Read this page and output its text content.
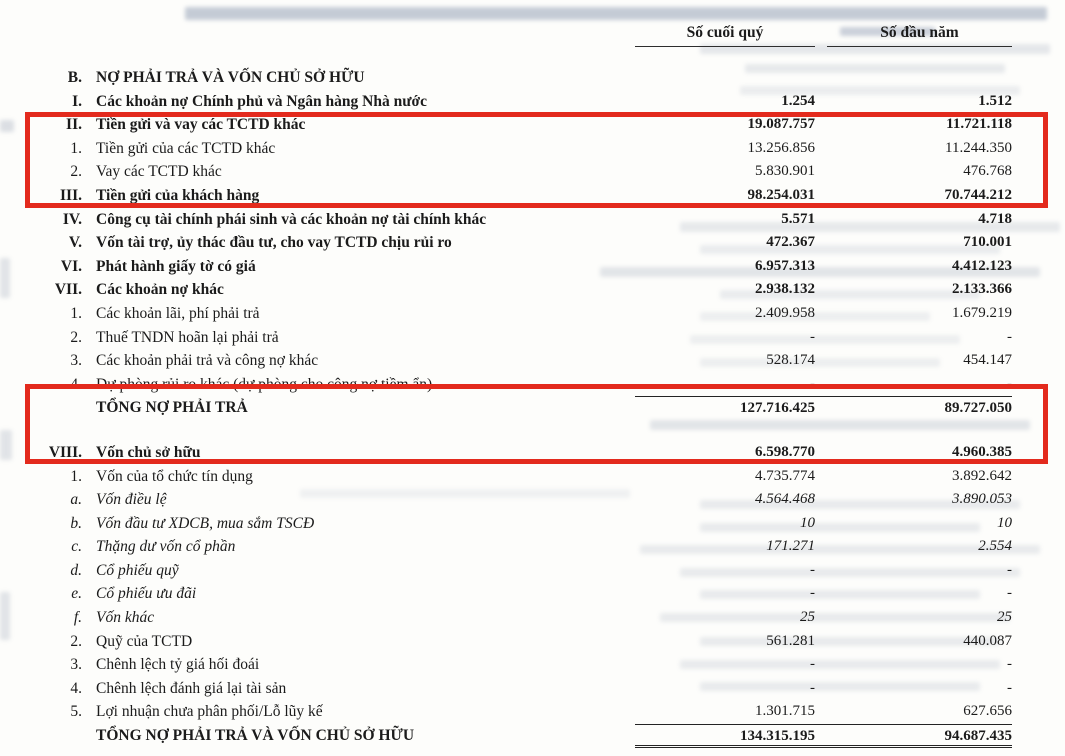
Số cuối quý	Số đầu năm
B. NỢ PHẢI TRẢ VÀ VỐN CHỦ SỞ HỮU
I. Các khoản nợ Chính phủ và Ngân hàng Nhà nước	1.254	1.512
II. Tiền gửi và vay các TCTD khác	19.087.757	11.721.118
1. Tiền gửi của các TCTD khác	13.256.856	11.244.350
2. Vay các TCTD khác	5.830.901	476.768
III. Tiền gửi của khách hàng	98.254.031	70.744.212
IV. Công cụ tài chính phái sinh và các khoản nợ tài chính khác	5.571	4.718
V. Vốn tài trợ, ủy thác đầu tư, cho vay TCTD chịu rủi ro	472.367	710.001
VI. Phát hành giấy tờ có giá	6.957.313	4.412.123
VII. Các khoản nợ khác	2.938.132	2.133.366
1. Các khoản lãi, phí phải trả	2.409.958	1.679.219
2. Thuế TNDN hoãn lại phải trả	-	-
3. Các khoản phải trả và công nợ khác	528.174	454.147
4. Dự phòng rủi ro khác (dự phòng cho công nợ tiềm ẩn)	-	-
TỔNG NỢ PHẢI TRẢ	127.716.425	89.727.050
VIII. Vốn chủ sở hữu	6.598.770	4.960.385
1. Vốn của tổ chức tín dụng	4.735.774	3.892.642
a. Vốn điều lệ	4.564.468	3.890.053
b. Vốn đầu tư XDCB, mua sắm TSCĐ	10	10
c. Thặng dư vốn cổ phần	171.271	2.554
d. Cổ phiếu quỹ	-	-
e. Cổ phiếu ưu đãi	-	-
f. Vốn khác	25	25
2. Quỹ của TCTD	561.281	440.087
3. Chênh lệch tỷ giá hối đoái	-	-
4. Chênh lệch đánh giá lại tài sản	-	-
5. Lợi nhuận chưa phân phối/Lỗ lũy kế	1.301.715	627.656
TỔNG NỢ PHẢI TRẢ VÀ VỐN CHỦ SỞ HỮU	134.315.195	94.687.435
